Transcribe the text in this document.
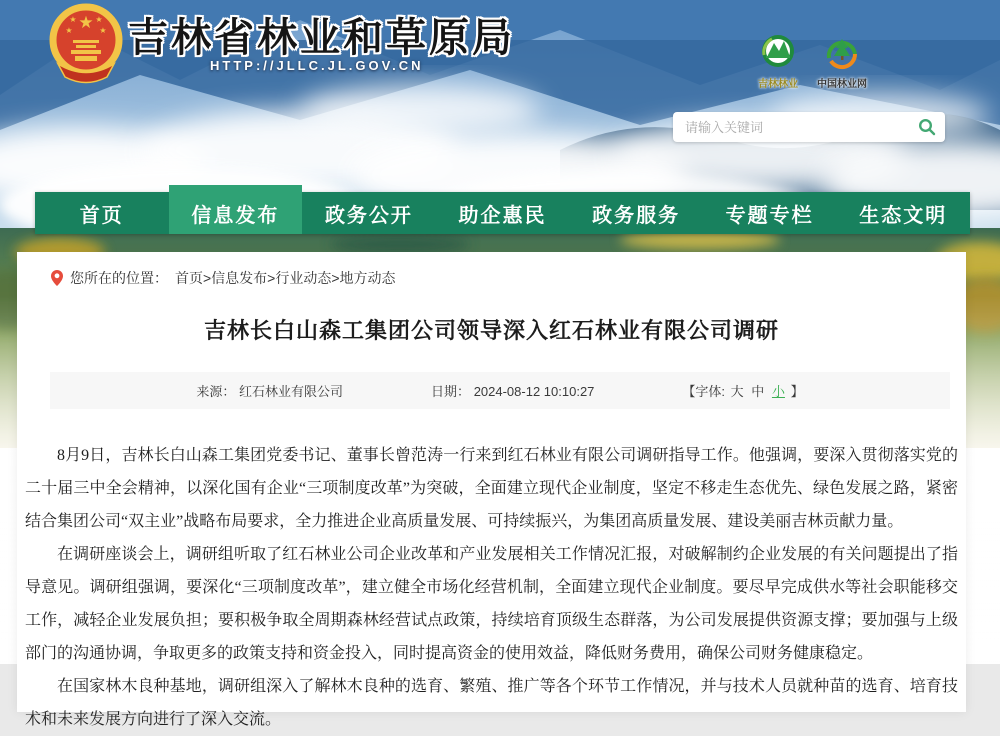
★
★ ★
★	★ 吉林省林业和草原局
HTTP://JLLC.JL.GOV.CN
吉林林业	中国林业网
请输入关键词
首页	信息发布	政务公开	助企惠民	政务服务	专题专栏	生态文明
您所在的位置： 首页>信息发布>行业动态>地方动态
吉林长白山森工集团公司领导深入红石林业有限公司调研
来源： 红石林业有限公司	日期： 2024-08-12 10:10:27	【字体: 大 中 小 】

8月9日，吉林长白山森工集团党委书记、董事长曾范涛一行来到红石林业有限公司调研指导工作。他强调，要深入贯彻落实党的二十届三中全会精神，以深化国有企业“三项制度改革”为突破，全面建立现代企业制度，坚定不移走生态优先、绿色发展之路，紧密结合集团公司“双主业”战略布局要求，全力推进企业高质量发展、可持续振兴，为集团高质量发展、建设美丽吉林贡献力量。

在调研座谈会上，调研组听取了红石林业公司企业改革和产业发展相关工作情况汇报，对破解制约企业发展的有关问题提出了指导意见。调研组强调，要深化“三项制度改革”，建立健全市场化经营机制，全面建立现代企业制度。要尽早完成供水等社会职能移交工作，减轻企业发展负担；要积极争取全周期森林经营试点政策，持续培育顶级生态群落，为公司发展提供资源支撑；要加强与上级部门的沟通协调，争取更多的政策支持和资金投入，同时提高资金的使用效益，降低财务费用，确保公司财务健康稳定。

在国家林木良种基地，调研组深入了解林木良种的选育、繁殖、推广等各个环节工作情况，并与技术人员就种苗的选育、培育技术和未来发展方向进行了深入交流。
